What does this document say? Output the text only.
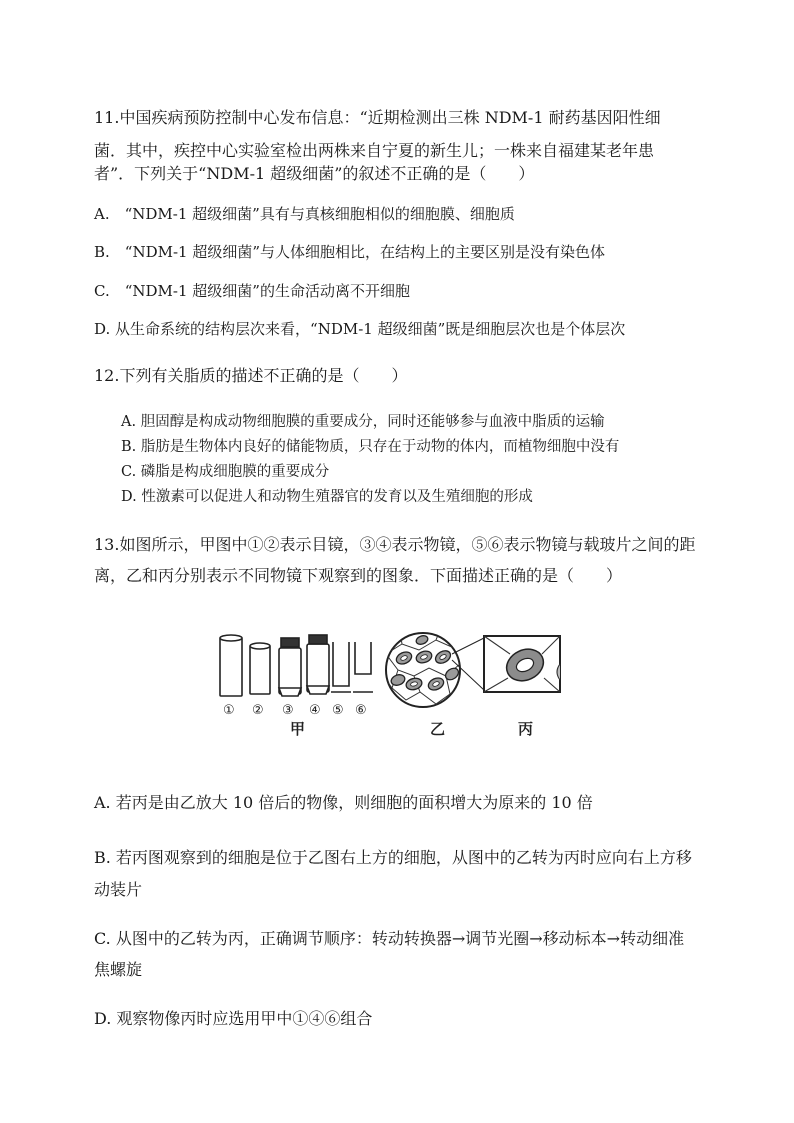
11.中国疾病预防控制中心发布信息：“近期检测出三株 NDM-1 耐药基因阳性细
菌．其中，疾控中心实验室检出两株来自宁夏的新生儿；一株来自福建某老年患
者”．下列关于“NDM-1 超级细菌”的叙述不正确的是（　　）
A.　“NDM-1 超级细菌”具有与真核细胞相似的细胞膜、细胞质
B.　“NDM-1 超级细菌”与人体细胞相比，在结构上的主要区别是没有染色体
C.　“NDM-1 超级细菌”的生命活动离不开细胞
D. 从生命系统的结构层次来看，“NDM-1 超级细菌”既是细胞层次也是个体层次
12.下列有关脂质的描述不正确的是（　　）
A. 胆固醇是构成动物细胞膜的重要成分，同时还能够参与血液中脂质的运输
B. 脂肪是生物体内良好的储能物质，只存在于动物的体内，而植物细胞中没有
C. 磷脂是构成细胞膜的重要成分
D. 性激素可以促进人和动物生殖器官的发育以及生殖细胞的形成
13.如图所示，甲图中①②表示目镜，③④表示物镜，⑤⑥表示物镜与载玻片之间的距
离，乙和丙分别表示不同物镜下观察到的图象．下面描述正确的是（　　）
① ② ③ ④ ⑤ ⑥
甲	乙	丙
A. 若丙是由乙放大 10 倍后的物像，则细胞的面积增大为原来的 10 倍
B. 若丙图观察到的细胞是位于乙图右上方的细胞，从图中的乙转为丙时应向右上方移
动装片
C. 从图中的乙转为丙，正确调节顺序：转动转换器→调节光圈→移动标本→转动细准
焦螺旋
D. 观察物像丙时应选用甲中①④⑥组合
